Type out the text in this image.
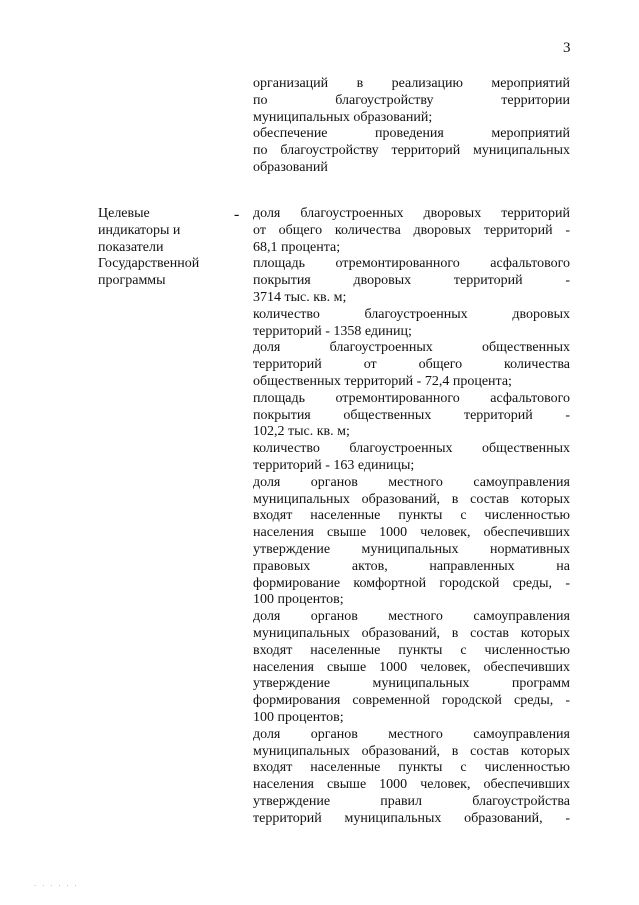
3
организаций в реализацию мероприятий
по благоустройству территории
муниципальных образований;
обеспечение проведения мероприятий
по благоустройству территорий муниципальных
образований
Целевые
индикаторы и
показатели
Государственной
программы
- доля благоустроенных дворовых территорий
от общего количества дворовых территорий -
68,1 процента;
площадь отремонтированного асфальтового
покрытия дворовых территорий -
3714 тыс. кв. м;
количество благоустроенных дворовых
территорий - 1358 единиц;
доля благоустроенных общественных
территорий от общего количества
общественных территорий - 72,4 процента;
площадь отремонтированного асфальтового
покрытия общественных территорий -
102,2 тыс. кв. м;
количество благоустроенных общественных
территорий - 163 единицы;
доля органов местного самоуправления
муниципальных образований, в состав которых
входят населенные пункты с численностью
населения свыше 1000 человек, обеспечивших
утверждение муниципальных нормативных
правовых актов, направленных на
формирование комфортной городской среды, -
100 процентов;
доля органов местного самоуправления
муниципальных образований, в состав которых
входят населенные пункты с численностью
населения свыше 1000 человек, обеспечивших
утверждение муниципальных программ
формирования современной городской среды, -
100 процентов;
доля органов местного самоуправления
муниципальных образований, в состав которых
входят населенные пункты с численностью
населения свыше 1000 человек, обеспечивших
утверждение правил благоустройства
территорий муниципальных образований, -
· · · · · ·
